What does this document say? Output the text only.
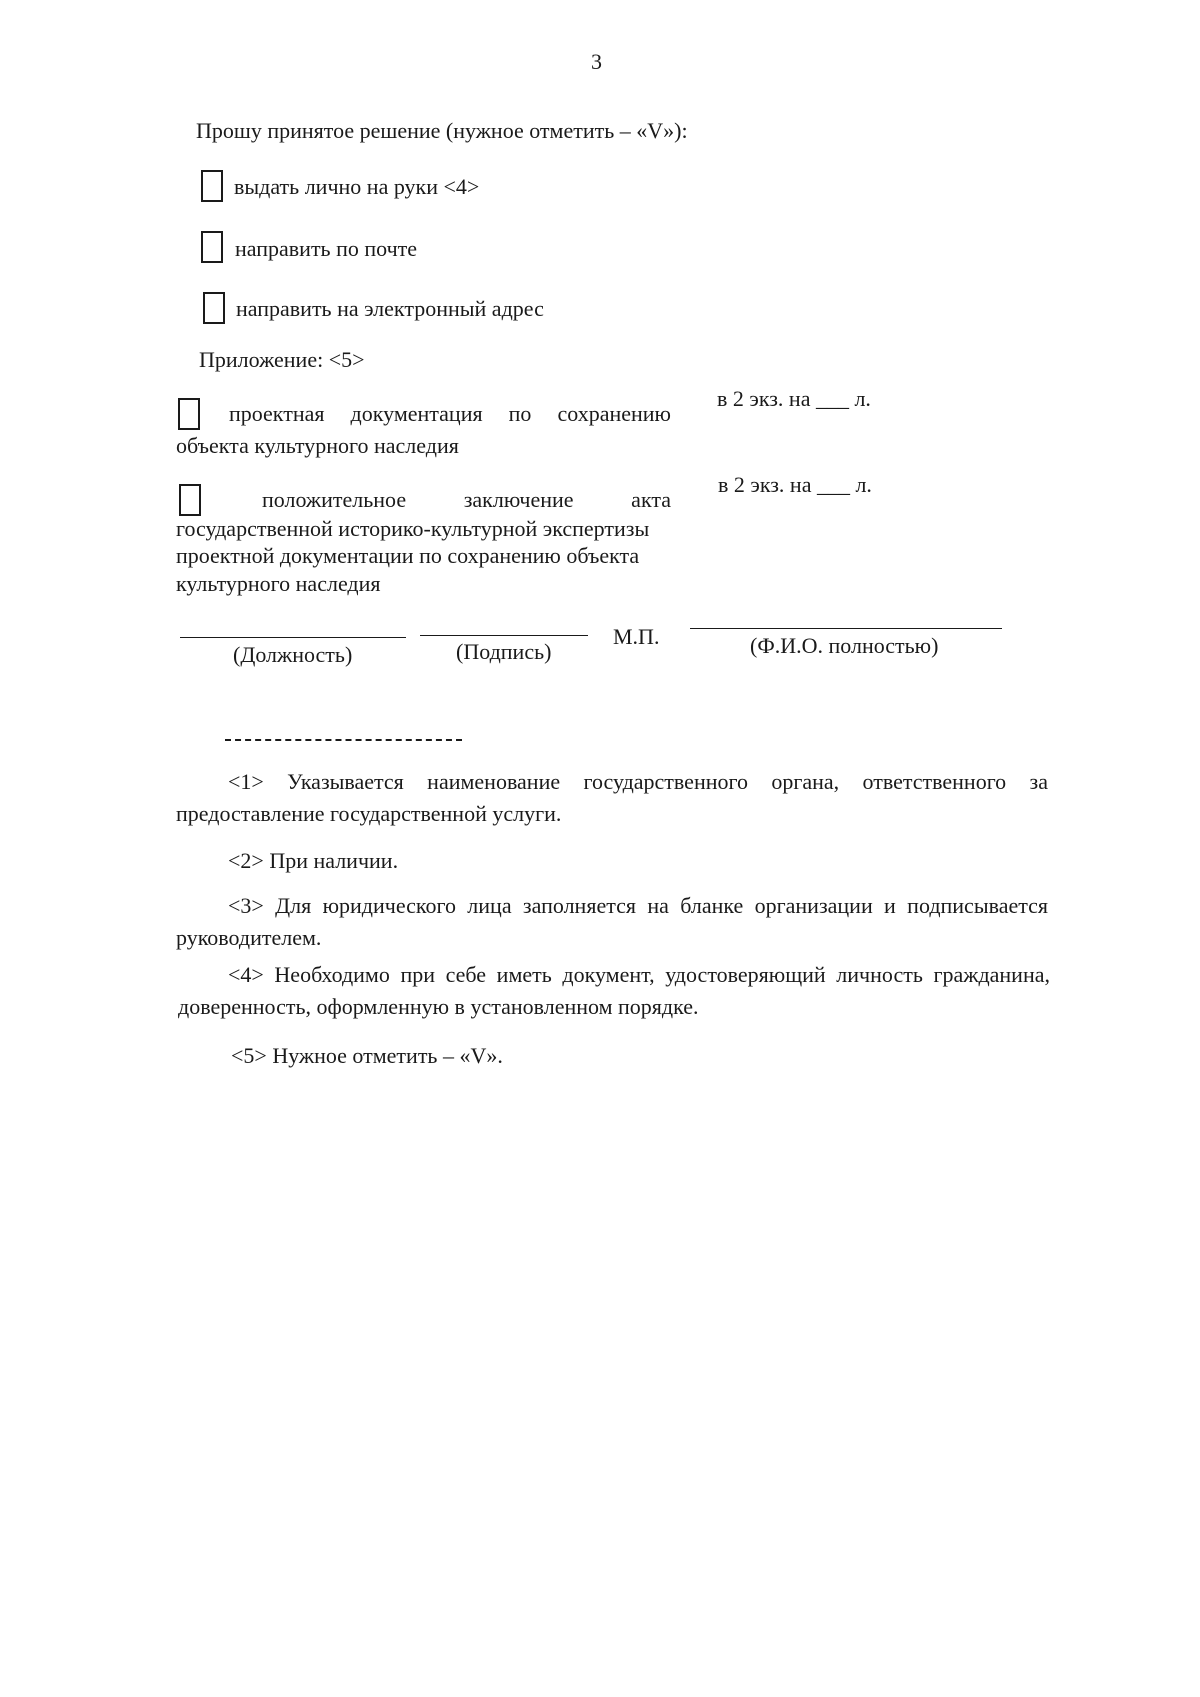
3
Прошу принятое решение (нужное отметить – «V»):
выдать лично на руки <4>
направить по почте
направить на электронный адрес
Приложение: <5>
проектная документация по сохранению
объекта культурного наследия
в 2 экз. на ___ л.
положительное заключение акта
государственной историко-культурной экспертизы
проектной документации по сохранению объекта
культурного наследия
в 2 экз. на ___ л.
(Должность)	(Подпись)
М.П.	(Ф.И.О. полностью)
<1> Указывается наименование государственного органа, ответственного за предоставление государственной услуги.
<2> При наличии.
<3> Для юридического лица заполняется на бланке организации и подписывается руководителем.
<4> Необходимо при себе иметь документ, удостоверяющий личность гражданина, доверенность, оформленную в установленном порядке.
<5> Нужное отметить – «V».
